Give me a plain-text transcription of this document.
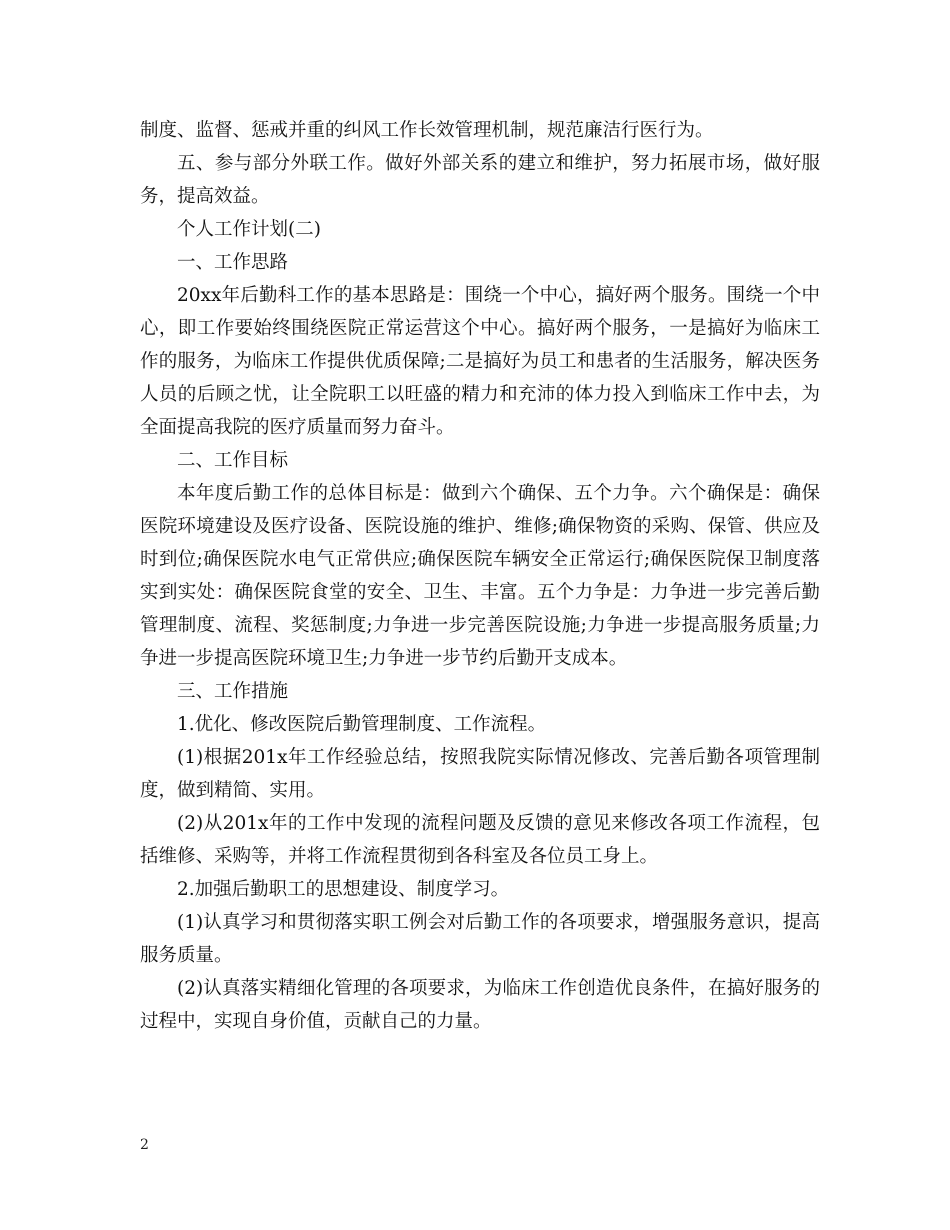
制度、监督、惩戒并重的纠风工作长效管理机制，规范廉洁行医行为。

五、参与部分外联工作。做好外部关系的建立和维护，努力拓展市场，做好服务，提高效益。

个人工作计划(二)

一、工作思路

20xx年后勤科工作的基本思路是：围绕一个中心，搞好两个服务。围绕一个中心，即工作要始终围绕医院正常运营这个中心。搞好两个服务，一是搞好为临床工作的服务，为临床工作提供优质保障;二是搞好为员工和患者的生活服务，解决医务人员的后顾之忧，让全院职工以旺盛的精力和充沛的体力投入到临床工作中去，为全面提高我院的医疗质量而努力奋斗。

二、工作目标

本年度后勤工作的总体目标是：做到六个确保、五个力争。六个确保是：确保医院环境建设及医疗设备、医院设施的维护、维修;确保物资的采购、保管、供应及时到位;确保医院水电气正常供应;确保医院车辆安全正常运行;确保医院保卫制度落实到实处：确保医院食堂的安全、卫生、丰富。五个力争是：力争进一步完善后勤管理制度、流程、奖惩制度;力争进一步完善医院设施;力争进一步提高服务质量;力争进一步提高医院环境卫生;力争进一步节约后勤开支成本。

三、工作措施

1.优化、修改医院后勤管理制度、工作流程。

(1)根据201x年工作经验总结，按照我院实际情况修改、完善后勤各项管理制度，做到精简、实用。

(2)从201x年的工作中发现的流程问题及反馈的意见来修改各项工作流程，包括维修、采购等，并将工作流程贯彻到各科室及各位员工身上。

2.加强后勤职工的思想建设、制度学习。

(1)认真学习和贯彻落实职工例会对后勤工作的各项要求，增强服务意识，提高服务质量。

(2)认真落实精细化管理的各项要求，为临床工作创造优良条件，在搞好服务的过程中，实现自身价值，贡献自己的力量。

2
